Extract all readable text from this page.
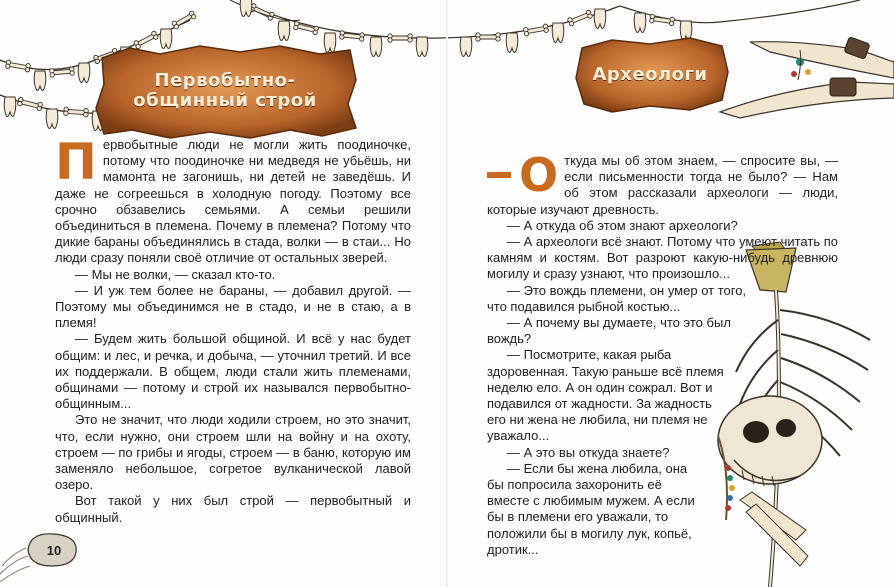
Первобытно-
общинный строй
Археологи

Первобытные люди не могли жить поодиночке, потому что поодиночке ни медведя не убьёшь, ни мамонта не загонишь, ни детей не заведёшь. И даже не согреешься в холодную погоду. Поэтому все срочно обзавелись семьями. А семьи решили объединиться в племена. Почему в племена? Потому что дикие бараны объединялись в стада, волки — в стаи... Но люди сразу поняли своё отличие от остальных зверей.

— Мы не волки, — сказал кто-то.

— И уж тем более не бараны, — добавил другой. — Поэтому мы объединимся не в стадо, и не в стаю, а в племя!

— Будем жить большой общиной. И всё у нас будет общим: и лес, и речка, и добыча, — уточнил третий. И все их поддержали. В общем, люди стали жить племенами, общинами — потому и строй их назывался первобытно-общинным...

Это не значит, что люди ходили строем, но это значит, что, если нужно, они строем шли на войну и на охоту, строем — по грибы и ягоды, строем — в баню, которую им заменяло небольшое, согретое вулканической лавой озеро.

Вот такой у них был строй — первобытный и общинный.

О ткуда мы об этом знаем, — спросите вы, — если письменности тогда не было? — Нам об этом рассказали археологи — люди, которые изучают древность.

— А откуда об этом знают археологи?

— А археологи всё знают. Потому что умеют читать по камням и костям. Вот разроют какую-нибудь древнюю могилу и сразу узнают, что произошло...

— Это вождь племени, он умер от того, что подавился рыбной костью...

— А почему вы думаете, что это был вождь?

— Посмотрите, какая рыба здоровенная. Такую раньше всё племя неделю ело. А он один сожрал. Вот и подавился от жадности. За жадность его ни жена не любила, ни племя не уважало...

— А это вы откуда знаете?

— Если бы жена любила, она бы попросила захоронить её вместе с любимым мужем. А если бы в племени его уважали, то положили бы в могилу лук, копьё, дротик...

10
